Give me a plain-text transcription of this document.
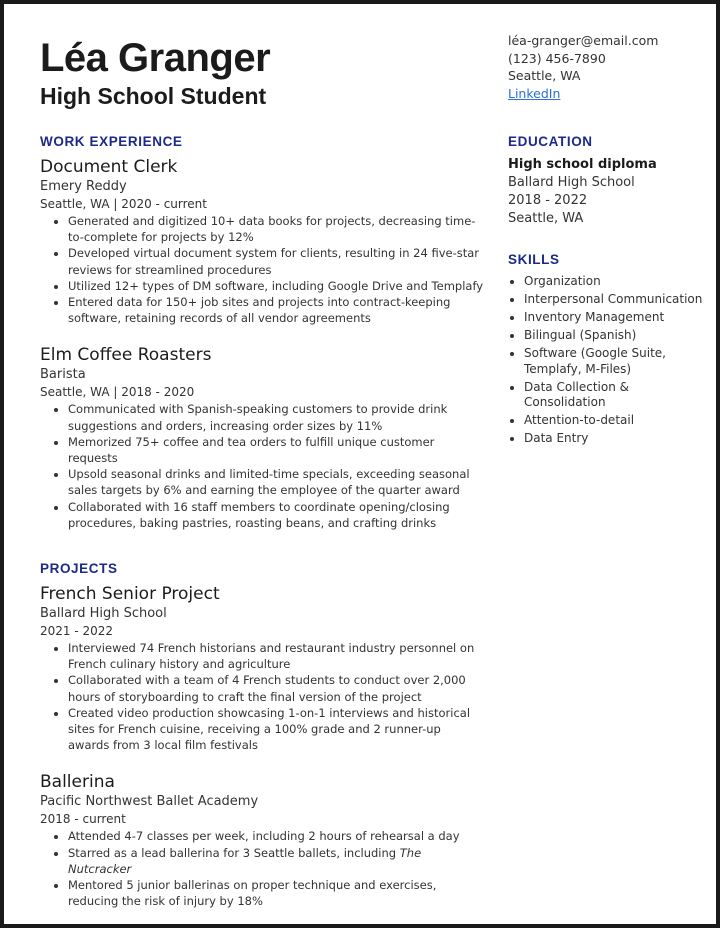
Léa Granger
High School Student
léa-granger@email.com
(123) 456-7890
Seattle, WA
LinkedIn
WORK EXPERIENCE
Document Clerk
Emery Reddy
Seattle, WA | 2020 - current
• Generated and digitized 10+ data books for projects, decreasing time-to-complete for projects by 12%
• Developed virtual document system for clients, resulting in 24 five-star reviews for streamlined procedures
• Utilized 12+ types of DM software, including Google Drive and Templafy
• Entered data for 150+ job sites and projects into contract-keeping software, retaining records of all vendor agreements
Elm Coffee Roasters
Barista
Seattle, WA | 2018 - 2020
• Communicated with Spanish-speaking customers to provide drink suggestions and orders, increasing order sizes by 11%
• Memorized 75+ coffee and tea orders to fulfill unique customer requests
• Upsold seasonal drinks and limited-time specials, exceeding seasonal sales targets by 6% and earning the employee of the quarter award
• Collaborated with 16 staff members to coordinate opening/closing procedures, baking pastries, roasting beans, and crafting drinks
PROJECTS
French Senior Project
Ballard High School
2021 - 2022
• Interviewed 74 French historians and restaurant industry personnel on French culinary history and agriculture
• Collaborated with a team of 4 French students to conduct over 2,000 hours of storyboarding to craft the final version of the project
• Created video production showcasing 1-on-1 interviews and historical sites for French cuisine, receiving a 100% grade and 2 runner-up awards from 3 local film festivals
Ballerina
Pacific Northwest Ballet Academy
2018 - current
• Attended 4-7 classes per week, including 2 hours of rehearsal a day
• Starred as a lead ballerina for 3 Seattle ballets, including The Nutcracker
• Mentored 5 junior ballerinas on proper technique and exercises, reducing the risk of injury by 18%
EDUCATION
High school diploma
Ballard High School
2018 - 2022
Seattle, WA
SKILLS
• Organization
• Interpersonal Communication
• Inventory Management
• Bilingual (Spanish)
• Software (Google Suite, Templafy, M-Files)
• Data Collection & Consolidation
• Attention-to-detail
• Data Entry
